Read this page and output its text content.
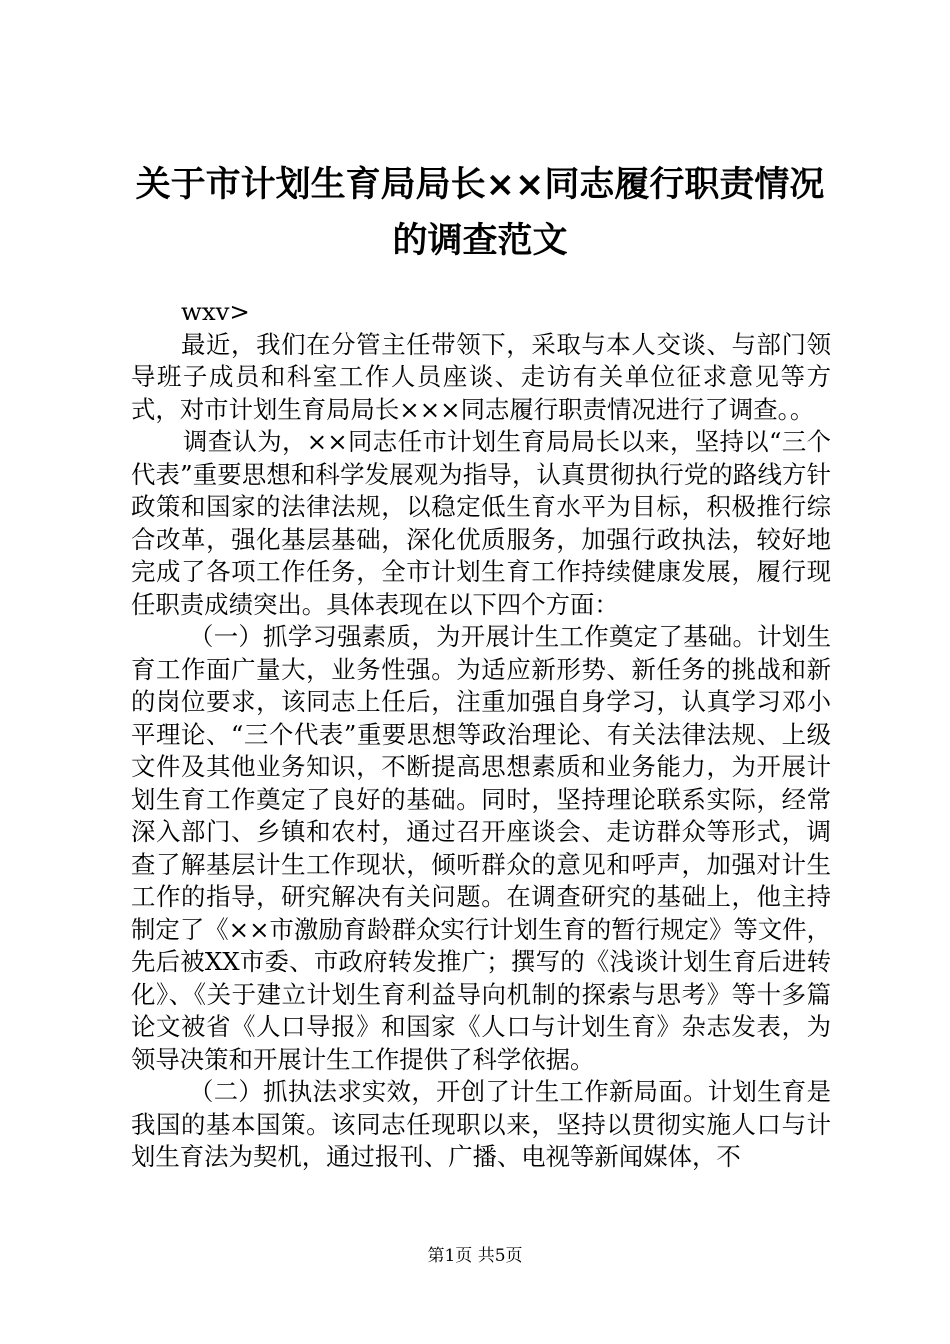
关于市计划生育局局长××同志履行职责情况
的调查范文

wxv>

最近，我们在分管主任带领下，采取与本人交谈、与部门领导班子成员和科室工作人员座谈、走访有关单位征求意见等方式，对市计划生育局局长×××同志履行职责情况进行了调查。。

调查认为，××同志任市计划生育局局长以来，坚持以“三个代表”重要思想和科学发展观为指导，认真贯彻执行党的路线方针政策和国家的法律法规，以稳定低生育水平为目标，积极推行综合改革，强化基层基础，深化优质服务，加强行政执法，较好地完成了各项工作任务，全市计划生育工作持续健康发展，履行现任职责成绩突出。具体表现在以下四个方面：

（一）抓学习强素质，为开展计生工作奠定了基础。计划生育工作面广量大，业务性强。为适应新形势、新任务的挑战和新的岗位要求，该同志上任后，注重加强自身学习，认真学习邓小平理论、“三个代表”重要思想等政治理论、有关法律法规、上级文件及其他业务知识，不断提高思想素质和业务能力，为开展计划生育工作奠定了良好的基础。同时，坚持理论联系实际，经常深入部门、乡镇和农村，通过召开座谈会、走访群众等形式，调查了解基层计生工作现状，倾听群众的意见和呼声，加强对计生工作的指导，研究解决有关问题。在调查研究的基础上，他主持制定了《××市激励育龄群众实行计划生育的暂行规定》等文件，先后被XX市委、市政府转发推广；撰写的《浅谈计划生育后进转化》、《关于建立计划生育利益导向机制的探索与思考》等十多篇论文被省《人口导报》和国家《人口与计划生育》杂志发表，为领导决策和开展计生工作提供了科学依据。

（二）抓执法求实效，开创了计生工作新局面。计划生育是我国的基本国策。该同志任现职以来，坚持以贯彻实施人口与计划生育法为契机，通过报刊、广播、电视等新闻媒体，不

第1页 共5页
